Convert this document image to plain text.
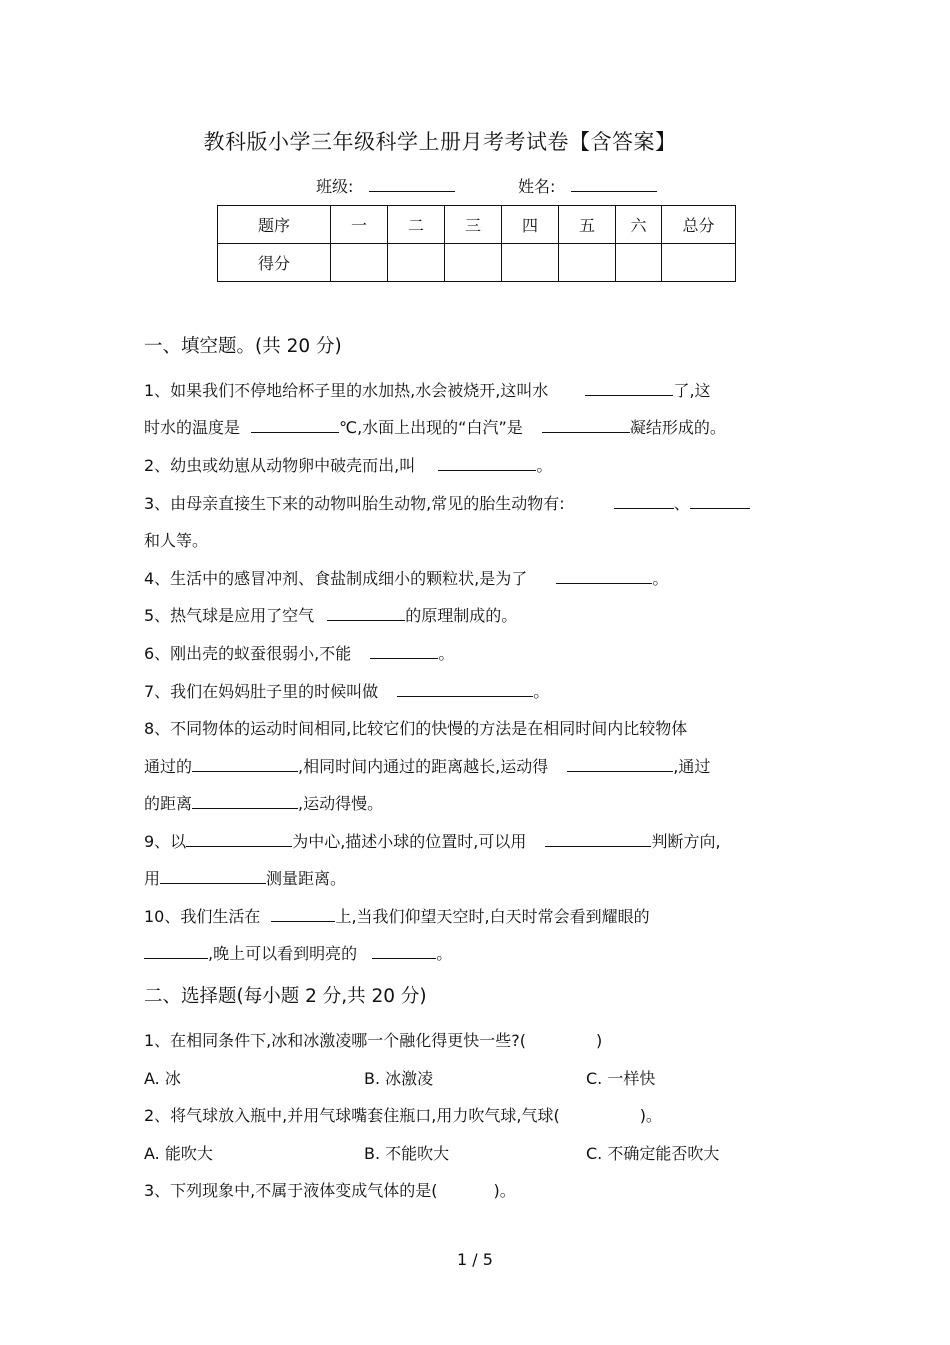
教科版小学三年级科学上册月考考试卷【含答案】
班级:	姓名:
题序	一	二	三	四	五	六	总分
得分							
一、填空题。(共 20 分)
1、如果我们不停地给杯子里的水加热,水会被烧开,这叫水	了,这
时水的温度是	℃,水面上出现的“白汽”是	凝结形成的。
2、幼虫或幼崽从动物卵中破壳而出,叫	。
3、由母亲直接生下来的动物叫胎生动物,常见的胎生动物有:	、
和人等。
4、生活中的感冒冲剂、食盐制成细小的颗粒状,是为了	。
5、热气球是应用了空气	的原理制成的。
6、刚出壳的蚁蚕很弱小,不能	。
7、我们在妈妈肚子里的时候叫做	。
8、不同物体的运动时间相同,比较它们的快慢的方法是在相同时间内比较物体
通过的	,相同时间内通过的距离越长,运动得	,通过
的距离	,运动得慢。
9、以	为中心,描述小球的位置时,可以用	判断方向,
用	测量距离。
10、我们生活在	上,当我们仰望天空时,白天时常会看到耀眼的
,晚上可以看到明亮的	。
二、选择题(每小题 2 分,共 20 分)
1、在相同条件下,冰和冰激凌哪一个融化得更快一些?(	)
A. 冰	B. 冰激凌	C. 一样快
2、将气球放入瓶中,并用气球嘴套住瓶口,用力吹气球,气球(	)。
A. 能吹大	B. 不能吹大	C. 不确定能否吹大
3、下列现象中,不属于液体变成气体的是(	)。
1 / 5
